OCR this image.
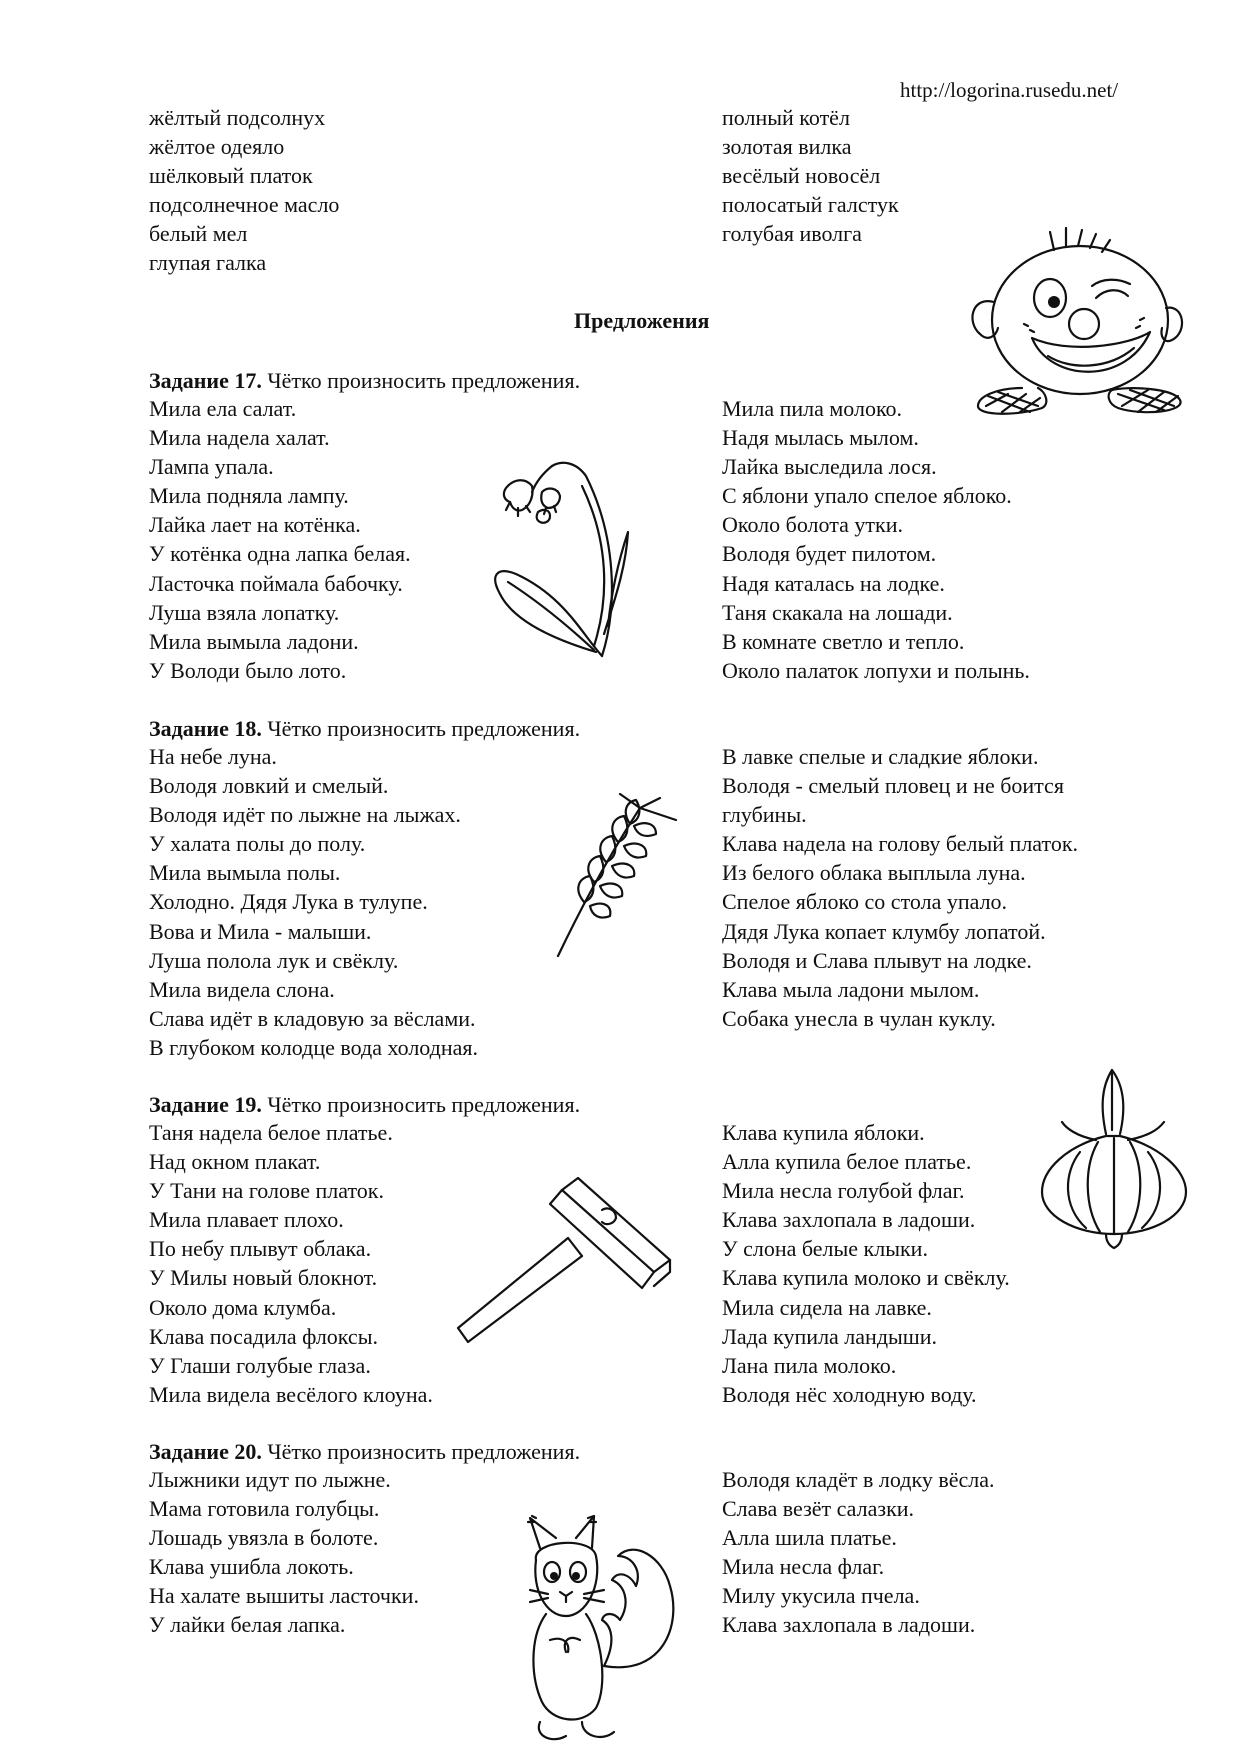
http://logorina.rusedu.net/
жёлтый подсолнух
жёлтое одеяло
шёлковый платок
подсолнечное масло
белый мел
глупая галка
полный котёл
золотая вилка
весёлый новосёл
полосатый галстук
голубая иволга
Предложения
Задание 17. Чётко произносить предложения.
Мила ела салат.
Мила надела халат.
Лампа упала.
Мила подняла лампу.
Лайка лает на котёнка.
У котёнка одна лапка белая.
Ласточка поймала бабочку.
Луша взяла лопатку.
Мила вымыла ладони.
У Володи было лото.
Мила пила молоко.
Надя мылась мылом.
Лайка выследила лося.
С яблони упало спелое яблоко.
Около болота утки.
Володя будет пилотом.
Надя каталась на лодке.
Таня скакала на лошади.
В комнате светло и тепло.
Около палаток лопухи и полынь.
Задание 18. Чётко произносить предложения.
На небе луна.
Володя ловкий и смелый.
Володя идёт по лыжне на лыжах.
У халата полы до полу.
Мила вымыла полы.
Холодно. Дядя Лука в тулупе.
Вова и Мила - малыши.
Луша полола лук и свёклу.
Мила видела слона.
Слава идёт в кладовую за вёслами.
В глубоком колодце вода холодная.
В лавке спелые и сладкие яблоки.
Володя - смелый пловец и не боится
глубины.
Клава надела на голову белый платок.
Из белого облака выплыла луна.
Спелое яблоко со стола упало.
Дядя Лука копает клумбу лопатой.
Володя и Слава плывут на лодке.
Клава мыла ладони мылом.
Собака унесла в чулан куклу.
Задание 19. Чётко произносить предложения.
Таня надела белое платье.
Над окном плакат.
У Тани на голове платок.
Мила плавает плохо.
По небу плывут облака.
У Милы новый блокнот.
Около дома клумба.
Клава посадила флоксы.
У Глаши голубые глаза.
Мила видела весёлого клоуна.
Клава купила яблоки.
Алла купила белое платье.
Мила несла голубой флаг.
Клава захлопала в ладоши.
У слона белые клыки.
Клава купила молоко и свёклу.
Мила сидела на лавке.
Лада купила ландыши.
Лана пила молоко.
Володя нёс холодную воду.
Задание 20. Чётко произносить предложения.
Лыжники идут по лыжне.
Мама готовила голубцы.
Лошадь увязла в болоте.
Клава ушибла локоть.
На халате вышиты ласточки.
У лайки белая лапка.
Володя кладёт в лодку вёсла.
Слава везёт салазки.
Алла шила платье.
Мила несла флаг.
Милу укусила пчела.
Клава захлопала в ладоши.
